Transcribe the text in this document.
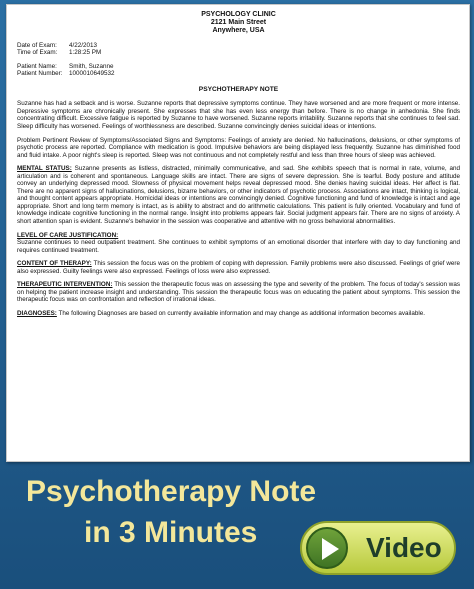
PSYCHOLOGY CLINIC
2121 Main Street
Anywhere, USA
Date of Exam: 4/22/2013
Time of Exam: 1:28:25 PM
Patient Name: Smith, Suzanne
Patient Number: 1000010649532
PSYCHOTHERAPY NOTE

Suzanne has had a setback and is worse. Suzanne reports that depressive symptoms continue. They have worsened and are more frequent or more intense. Depressive symptoms are chronically present. She expresses that she has even less energy than before. There is no change in anhedonia. She finds concentrating difficult. Excessive fatigue is reported by Suzanne to have worsened. Suzanne reports irritability. Suzanne reports that she continues to feel sad. Sleep difficulty has worsened. Feelings of worthlessness are described. Suzanne convincingly denies suicidal ideas or intentions.

Problem Pertinent Review of Symptoms/Associated Signs and Symptoms: Feelings of anxiety are denied. No hallucinations, delusions, or other symptoms of psychotic process are reported. Compliance with medication is good. Impulsive behaviors are being displayed less frequently. Suzanne has diminished food and fluid intake. A poor night's sleep is reported. Sleep was not continuous and not completely restful and less than three hours of sleep was achieved.

MENTAL STATUS: Suzanne presents as listless, distracted, minimally communicative, and sad. She exhibits speech that is normal in rate, volume, and articulation and is coherent and spontaneous. Language skills are intact. There are signs of severe depression. She is tearful. Body posture and attitude convey an underlying depressed mood. Slowness of physical movement helps reveal depressed mood. She denies having suicidal ideas. Her affect is flat. There are no apparent signs of hallucinations, delusions, bizarre behaviors, or other indicators of psychotic process. Associations are intact, thinking is logical, and thought content appears appropriate. Homicidal ideas or intentions are convincingly denied. Cognitive functioning and fund of knowledge is intact and age appropriate. Short and long term memory is intact, as is ability to abstract and do arithmetic calculations. This patient is fully oriented. Vocabulary and fund of knowledge indicate cognitive functioning in the normal range. Insight into problems appears fair. Social judgment appears fair. There are no signs of anxiety. A short attention span is evident. Suzanne's behavior in the session was cooperative and attentive with no gross behavioral abnormalities.

LEVEL OF CARE JUSTIFICATION:

Suzanne continues to need outpatient treatment. She continues to exhibit symptoms of an emotional disorder that interfere with day to day functioning and requires continued treatment.

CONTENT OF THERAPY: This session the focus was on the problem of coping with depression. Family problems were also discussed. Feelings of grief were also expressed. Guilty feelings were also expressed. Feelings of loss were also expressed.

THERAPEUTIC INTERVENTION: This session the therapeutic focus was on assessing the type and severity of the problem. The focus of today's session was on helping the patient increase insight and understanding. This session the therapeutic focus was on educating the patient about symptoms. This session the therapeutic focus was on confrontation and reflection of irrational ideas.

DIAGNOSES: The following Diagnoses are based on currently available information and may change as additional information becomes available.

Psychotherapy Note
in 3 Minutes	Video
